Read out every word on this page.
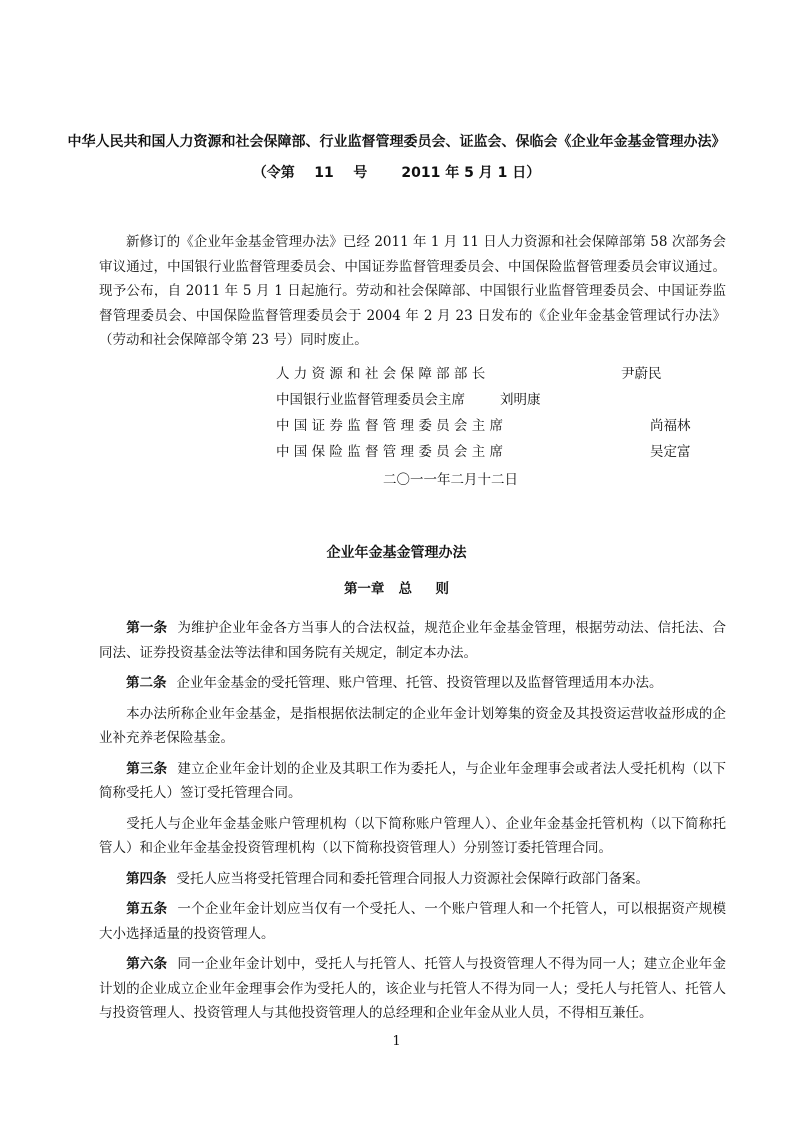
中华人民共和国人力资源和社会保障部、行业监督管理委员会、证监会、保临会《企业年金基金管理办法》
（令第    11    号       2011 年 5 月 1 日）

新修订的《企业年金基金管理办法》已经 2011 年 1 月 11 日人力资源和社会保障部第 58 次部务会审议通过，中国银行业监督管理委员会、中国证券监督管理委员会、中国保险监督管理委员会审议通过。现予公布，自 2011 年 5 月 1 日起施行。劳动和社会保障部、中国银行业监督管理委员会、中国证券监督管理委员会、中国保险监督管理委员会于 2004 年 2 月 23 日发布的《企业年金基金管理试行办法》（劳动和社会保障部令第 23 号）同时废止。

人 力 资 源 和 社 会 保 障 部 部 长	尹蔚民
中国银行业监督管理委员会主席	刘明康
中 国 证 券 监 督 管 理 委 员 会 主 席	尚福林
中 国 保 险 监 督 管 理 委 员 会 主 席	吴定富
二〇一一年二月十二日
企业年金基金管理办法
第一章   总     则

第一条 为维护企业年金各方当事人的合法权益，规范企业年金基金管理，根据劳动法、信托法、合同法、证券投资基金法等法律和国务院有关规定，制定本办法。

第二条 企业年金基金的受托管理、账户管理、托管、投资管理以及监督管理适用本办法。

本办法所称企业年金基金，是指根据依法制定的企业年金计划筹集的资金及其投资运营收益形成的企业补充养老保险基金。

第三条 建立企业年金计划的企业及其职工作为委托人，与企业年金理事会或者法人受托机构（以下简称受托人）签订受托管理合同。

受托人与企业年金基金账户管理机构（以下简称账户管理人）、企业年金基金托管机构（以下简称托管人）和企业年金基金投资管理机构（以下简称投资管理人）分别签订委托管理合同。

第四条 受托人应当将受托管理合同和委托管理合同报人力资源社会保障行政部门备案。

第五条 一个企业年金计划应当仅有一个受托人、一个账户管理人和一个托管人，可以根据资产规模大小选择适量的投资管理人。

第六条 同一企业年金计划中，受托人与托管人、托管人与投资管理人不得为同一人；建立企业年金计划的企业成立企业年金理事会作为受托人的，该企业与托管人不得为同一人；受托人与托管人、托管人与投资管理人、投资管理人与其他投资管理人的总经理和企业年金从业人员，不得相互兼任。

1
